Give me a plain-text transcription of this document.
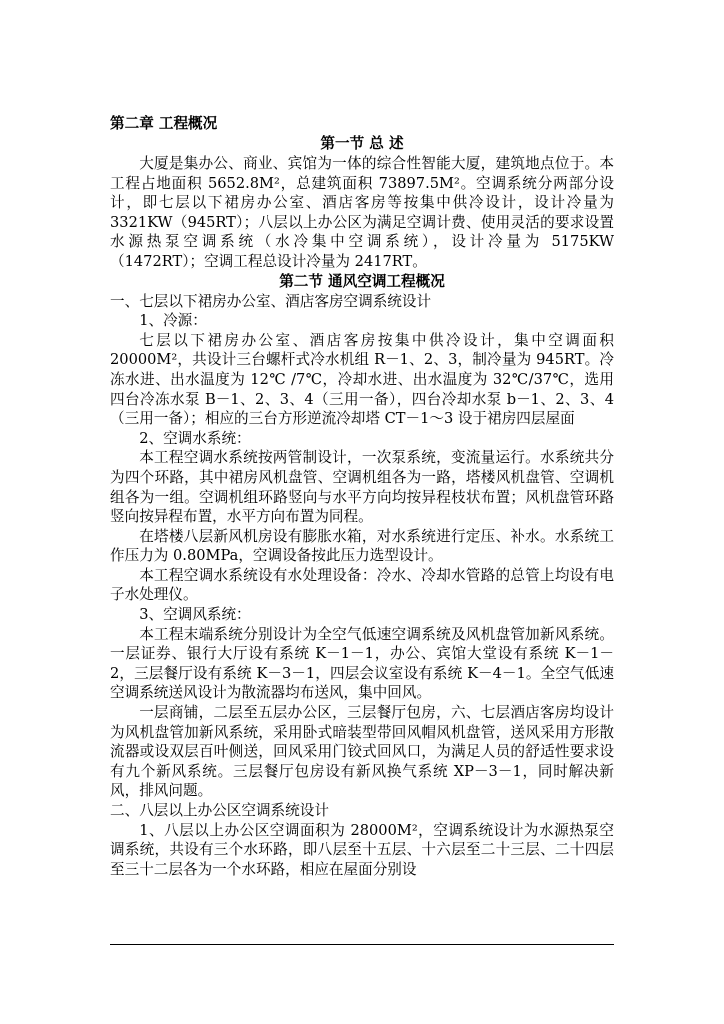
第二章 工程概况

第一节 总 述

大厦是集办公、商业、宾馆为一体的综合性智能大厦，建筑地点位于。本工程占地面积 5652.8M²，总建筑面积 73897.5M²。空调系统分两部分设计，即七层以下裙房办公室、酒店客房等按集中供冷设计，设计冷量为 3321KW（945RT）；八层以上办公区为满足空调计费、使用灵活的要求设置水源热泵空调系统（水冷集中空调系统），设计冷量为 5175KW（1472RT）；空调工程总设计冷量为 2417RT。

第二节 通风空调工程概况

一、七层以下裙房办公室、酒店客房空调系统设计

1、冷源：

七层以下裙房办公室、酒店客房按集中供冷设计，集中空调面积 20000M²，共设计三台螺杆式冷水机组 R－1、2、3，制冷量为 945RT。冷冻水进、出水温度为 12℃ /7℃，冷却水进、出水温度为 32℃/37℃，选用四台冷冻水泵 B－1、2、3、4（三用一备），四台冷却水泵 b－1、2、3、4（三用一备）；相应的三台方形逆流冷却塔 CT－1～3 设于裙房四层屋面

2、空调水系统：

本工程空调水系统按两管制设计，一次泵系统，变流量运行。水系统共分为四个环路，其中裙房风机盘管、空调机组各为一路，塔楼风机盘管、空调机组各为一组。空调机组环路竖向与水平方向均按异程枝状布置；风机盘管环路竖向按异程布置，水平方向布置为同程。

在塔楼八层新风机房设有膨胀水箱，对水系统进行定压、补水。水系统工作压力为 0.80MPa，空调设备按此压力选型设计。

本工程空调水系统设有水处理设备：冷水、冷却水管路的总管上均设有电子水处理仪。

3、空调风系统：

本工程末端系统分别设计为全空气低速空调系统及风机盘管加新风系统。一层证券、银行大厅设有系统 K－1－1，办公、宾馆大堂设有系统 K－1－2，三层餐厅设有系统 K－3－1，四层会议室设有系统 K－4－1。全空气低速空调系统送风设计为散流器均布送风，集中回风。

一层商铺，二层至五层办公区，三层餐厅包房，六、七层酒店客房均设计为风机盘管加新风系统，采用卧式暗装型带回风帽风机盘管，送风采用方形散流器或设双层百叶侧送，回风采用门铰式回风口，为满足人员的舒适性要求设有九个新风系统。三层餐厅包房设有新风换气系统 XP－3－1，同时解决新风，排风问题。

二、八层以上办公区空调系统设计

1、八层以上办公区空调面积为 28000M²，空调系统设计为水源热泵空调系统，共设有三个水环路，即八层至十五层、十六层至二十三层、二十四层至三十二层各为一个水环路，相应在屋面分别设
